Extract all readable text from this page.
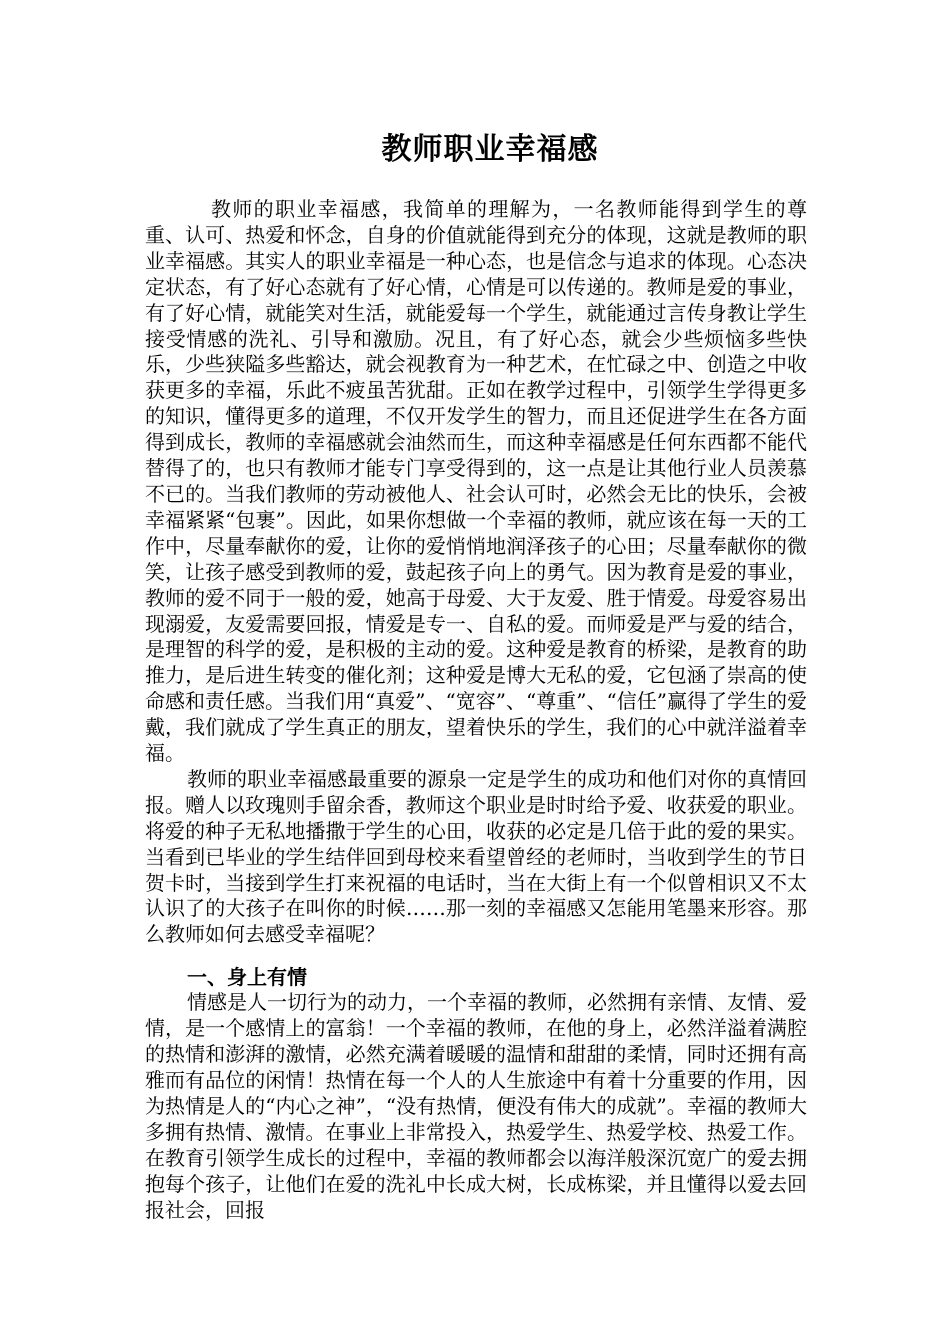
教师职业幸福感

教师的职业幸福感，我简单的理解为，一名教师能得到学生的尊重、认可、热爱和怀念，自身的价值就能得到充分的体现，这就是教师的职业幸福感。其实人的职业幸福是一种心态，也是信念与追求的体现。心态决定状态，有了好心态就有了好心情，心情是可以传递的。教师是爱的事业，有了好心情，就能笑对生活，就能爱每一个学生，就能通过言传身教让学生接受情感的洗礼、引导和激励。况且，有了好心态，就会少些烦恼多些快乐，少些狭隘多些豁达，就会视教育为一种艺术，在忙碌之中、创造之中收获更多的幸福，乐此不疲虽苦犹甜。正如在教学过程中，引领学生学得更多的知识，懂得更多的道理，不仅开发学生的智力，而且还促进学生在各方面得到成长，教师的幸福感就会油然而生，而这种幸福感是任何东西都不能代替得了的，也只有教师才能专门享受得到的，这一点是让其他行业人员羡慕不已的。当我们教师的劳动被他人、社会认可时，必然会无比的快乐，会被幸福紧紧“包裹”。因此，如果你想做一个幸福的教师，就应该在每一天的工作中，尽量奉献你的爱，让你的爱悄悄地润泽孩子的心田；尽量奉献你的微笑，让孩子感受到教师的爱，鼓起孩子向上的勇气。因为教育是爱的事业，教师的爱不同于一般的爱，她高于母爱、大于友爱、胜于情爱。母爱容易出现溺爱，友爱需要回报，情爱是专一、自私的爱。而师爱是严与爱的结合，是理智的科学的爱，是积极的主动的爱。这种爱是教育的桥梁，是教育的助推力，是后进生转变的催化剂；这种爱是博大无私的爱，它包涵了崇高的使命感和责任感。当我们用“真爱”、“宽容”、“尊重”、“信任”赢得了学生的爱戴，我们就成了学生真正的朋友，望着快乐的学生，我们的心中就洋溢着幸福。

教师的职业幸福感最重要的源泉一定是学生的成功和他们对你的真情回报。赠人以玫瑰则手留余香，教师这个职业是时时给予爱、收获爱的职业。将爱的种子无私地播撒于学生的心田，收获的必定是几倍于此的爱的果实。当看到已毕业的学生结伴回到母校来看望曾经的老师时，当收到学生的节日贺卡时，当接到学生打来祝福的电话时，当在大街上有一个似曾相识又不太认识了的大孩子在叫你的时候……那一刻的幸福感又怎能用笔墨来形容。那么教师如何去感受幸福呢？

一、身上有情

情感是人一切行为的动力，一个幸福的教师，必然拥有亲情、友情、爱情，是一个感情上的富翁！一个幸福的教师，在他的身上，必然洋溢着满腔的热情和澎湃的激情，必然充满着暖暖的温情和甜甜的柔情，同时还拥有高雅而有品位的闲情！热情在每一个人的人生旅途中有着十分重要的作用，因为热情是人的“内心之神”，“没有热情，便没有伟大的成就”。幸福的教师大多拥有热情、激情。在事业上非常投入，热爱学生、热爱学校、热爱工作。在教育引领学生成长的过程中，幸福的教师都会以海洋般深沉宽广的爱去拥抱每个孩子，让他们在爱的洗礼中长成大树，长成栋梁，并且懂得以爱去回报社会，回报
